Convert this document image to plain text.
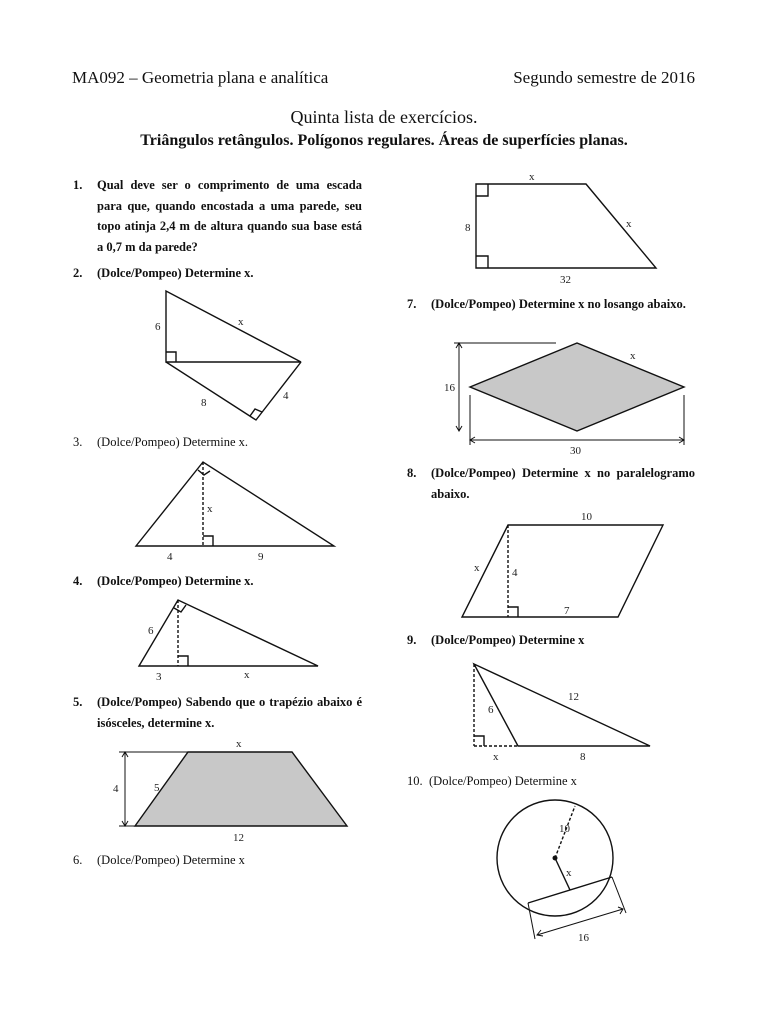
MA092 – Geometria plana e analítica	Segundo semestre de 2016
Quinta lista de exercícios.
Triângulos retângulos. Polígonos regulares. Áreas de superfícies planas.
1. Qual deve ser o comprimento de uma escada para que, quando encostada a uma parede, seu topo atinja 2,4 m de altura quando sua base está a 0,7 m da parede?
2. (Dolce/Pompeo) Determine x.
6	x
8
4
3. (Dolce/Pompeo) Determine x.
x
4	9
4. (Dolce/Pompeo) Determine x.
6
3	x
5. (Dolce/Pompeo) Sabendo que o trapézio abaixo é isósceles, determine x.
x
4	5
12
6. (Dolce/Pompeo) Determine x
x
8	x
32
7. (Dolce/Pompeo) Determine x no losango abaixo.
16
x
30
8. (Dolce/Pompeo) Determine x no paralelogramo abaixo.
10
x	4
7
9. (Dolce/Pompeo) Determine x
12
6
x	8
10. (Dolce/Pompeo) Determine x
10
x
16
